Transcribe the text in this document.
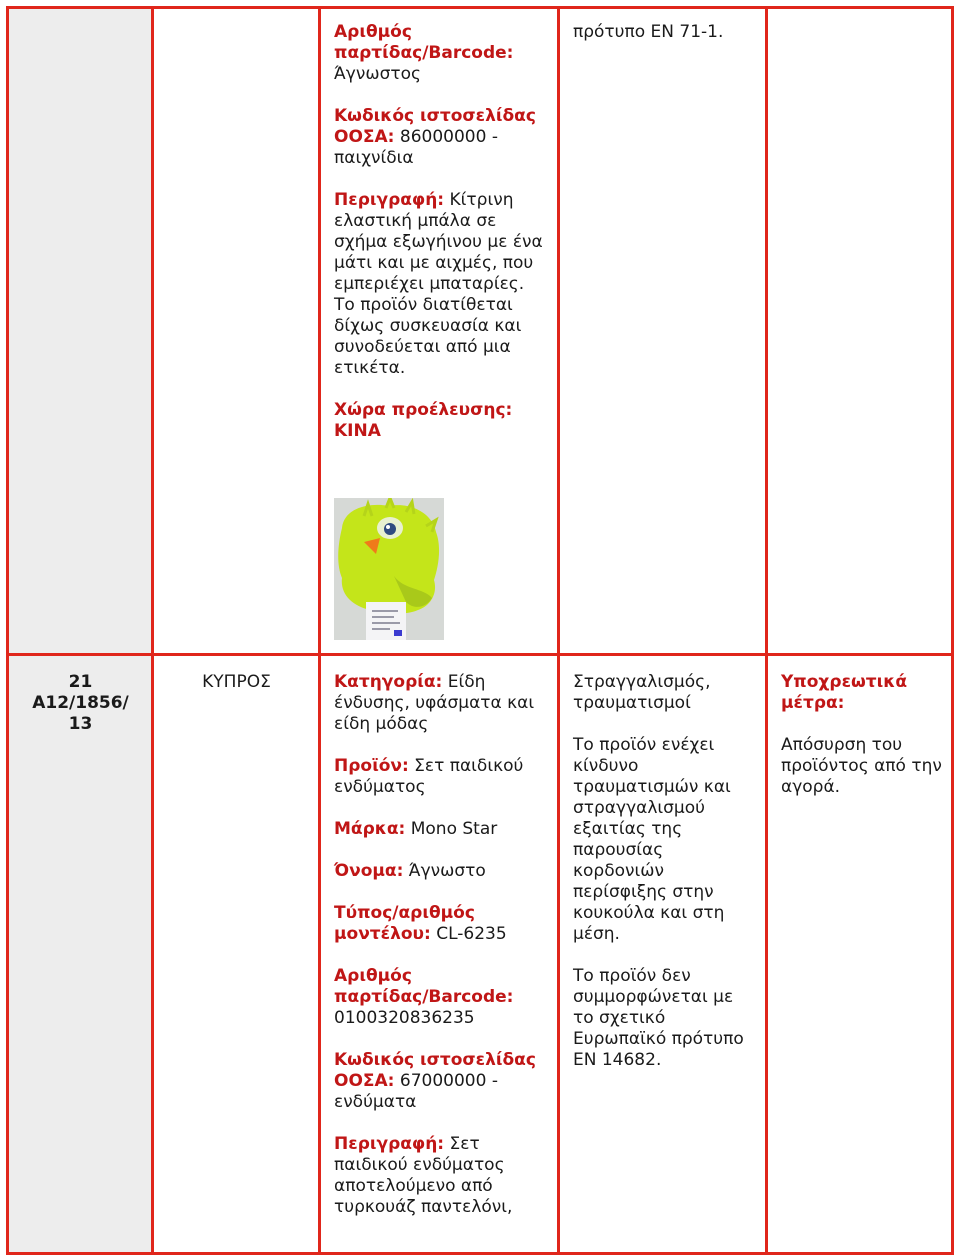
Αριθμός παρτίδας/Barcode: Άγνωστος

Κωδικός ιστοσελίδας ΟΟΣΑ: 86000000 - παιχνίδια

Περιγραφή: Κίτρινη ελαστική μπάλα σε σχήμα εξωγήινου με ένα μάτι και με αιχμές, που εμπεριέχει μπαταρίες. Το προϊόν διατίθεται δίχως συσκευασία και συνοδεύεται από μια ετικέτα.

Χώρα προέλευσης:
ΚΙΝΑ

πρότυπο ΕΝ 71-1.
21 Α12/1856/ 13
ΚΥΠΡΟΣ	Κατηγορία: Είδη ένδυσης, υφάσματα και είδη μόδας

Προϊόν: Σετ παιδικού ενδύματος

Μάρκα: Mono Star

Όνομα: Άγνωστο

Τύπος/αριθμός μοντέλου: CL-6235

Αριθμός παρτίδας/Barcode:
0100320836235

Κωδικός ιστοσελίδας ΟΟΣΑ: 67000000 - ενδύματα

Περιγραφή: Σετ παιδικού ενδύματος αποτελούμενο από τυρκουάζ παντελόνι,

Στραγγαλισμός, τραυματισμοί

Το προϊόν ενέχει κίνδυνο τραυματισμών και στραγγαλισμού εξαιτίας της παρουσίας κορδονιών περίσφιξης στην κουκούλα και στη μέση.

Το προϊόν δεν συμμορφώνεται με το σχετικό Ευρωπαϊκό πρότυπο ΕΝ 14682.

Υποχρεωτικά μέτρα:

Απόσυρση του προϊόντος από την αγορά.
